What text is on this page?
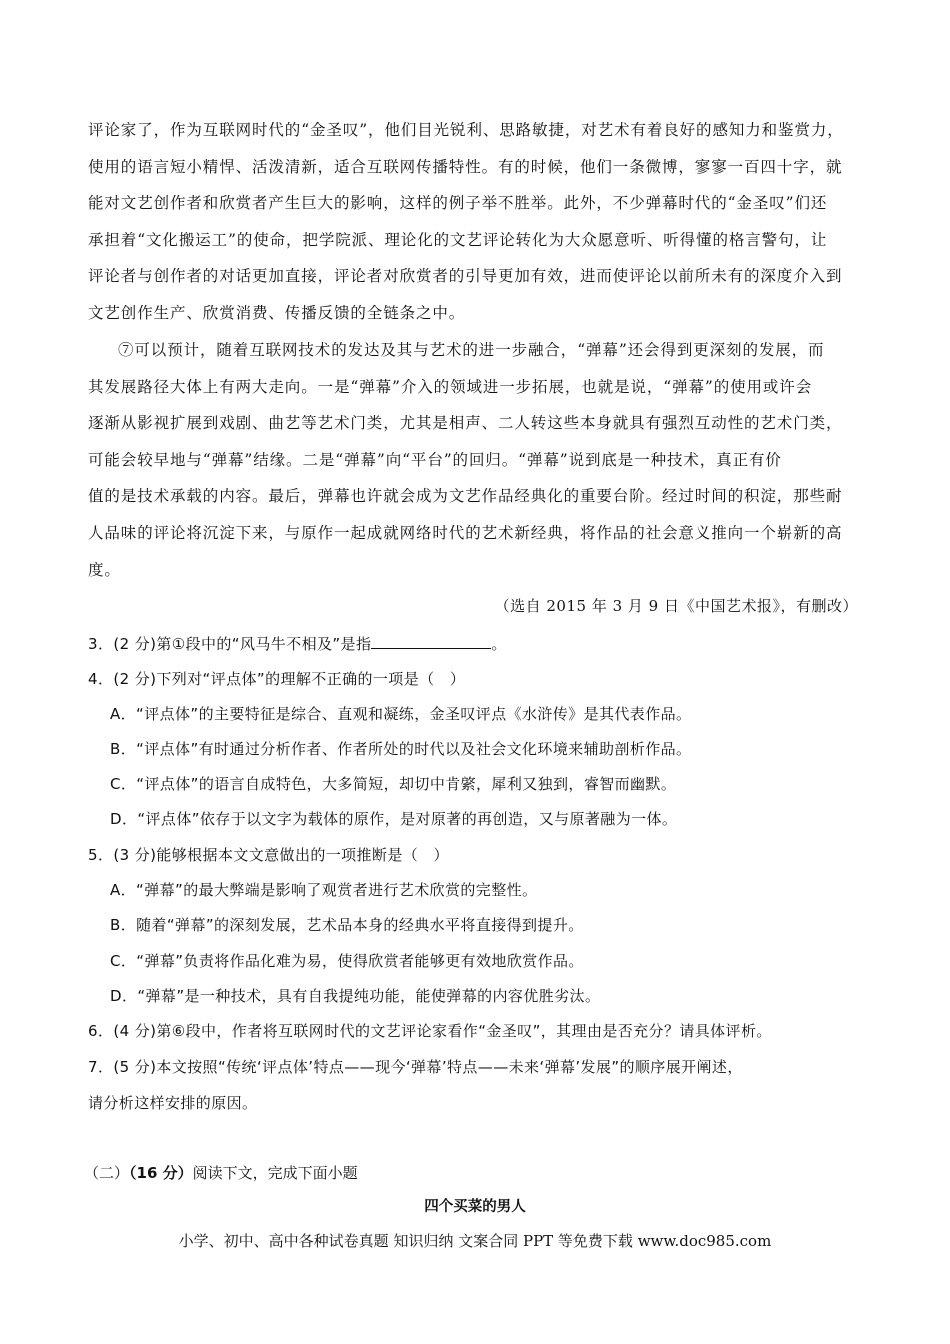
评论家了，作为互联网时代的“金圣叹”，他们目光锐利、思路敏捷，对艺术有着良好的感知力和鉴赏力，
使用的语言短小精悍、活泼清新，适合互联网传播特性。有的时候，他们一条微博，寥寥一百四十字，就
能对文艺创作者和欣赏者产生巨大的影响，这样的例子举不胜举。此外，不少弹幕时代的“金圣叹”们还
承担着“文化搬运工”的使命，把学院派、理论化的文艺评论转化为大众愿意听、听得懂的格言警句，让
评论者与创作者的对话更加直接，评论者对欣赏者的引导更加有效，进而使评论以前所未有的深度介入到
文艺创作生产、欣赏消费、传播反馈的全链条之中。
⑦可以预计，随着互联网技术的发达及其与艺术的进一步融合，“弹幕”还会得到更深刻的发展，而
其发展路径大体上有两大走向。一是“弹幕”介入的领域进一步拓展，也就是说，“弹幕”的使用或许会
逐渐从影视扩展到戏剧、曲艺等艺术门类，尤其是相声、二人转这些本身就具有强烈互动性的艺术门类，
可能会较早地与“弹幕”结缘。二是“弹幕”向“平台”的回归。“弹幕”说到底是一种技术，真正有价
值的是技术承载的内容。最后，弹幕也许就会成为文艺作品经典化的重要台阶。经过时间的积淀，那些耐
人品味的评论将沉淀下来，与原作一起成就网络时代的艺术新经典，将作品的社会意义推向一个崭新的高
度。
（选自 2015 年 3 月 9 日《中国艺术报》，有删改）
3．(2 分)第①段中的“风马牛不相及”是指	。
4．(2 分)下列对“评点体”的理解不正确的一项是（　）
A．“评点体”的主要特征是综合、直观和凝练，金圣叹评点《水浒传》是其代表作品。
B．“评点体”有时通过分析作者、作者所处的时代以及社会文化环境来辅助剖析作品。
C．“评点体”的语言自成特色，大多简短，却切中肯綮，犀利又独到，睿智而幽默。
D．“评点体”依存于以文字为载体的原作，是对原著的再创造，又与原著融为一体。
5．(3 分)能够根据本文文意做出的一项推断是（　）
A．“弹幕”的最大弊端是影响了观赏者进行艺术欣赏的完整性。
B．随着“弹幕”的深刻发展，艺术品本身的经典水平将直接得到提升。
C．“弹幕”负责将作品化难为易，使得欣赏者能够更有效地欣赏作品。
D．“弹幕”是一种技术，具有自我提纯功能，能使弹幕的内容优胜劣汰。
6．(4 分)第⑥段中，作者将互联网时代的文艺评论家看作“金圣叹”，其理由是否充分？请具体评析。
7．(5 分)本文按照“传统‘评点体’特点——现今‘弹幕’特点——未来‘弹幕’发展”的顺序展开阐述，
请分析这样安排的原因。
（二）（16 分）阅读下文，完成下面小题
四个买菜的男人
小学、初中、高中各种试卷真题 知识归纳 文案合同 PPT 等免费下载 www.doc985.com
